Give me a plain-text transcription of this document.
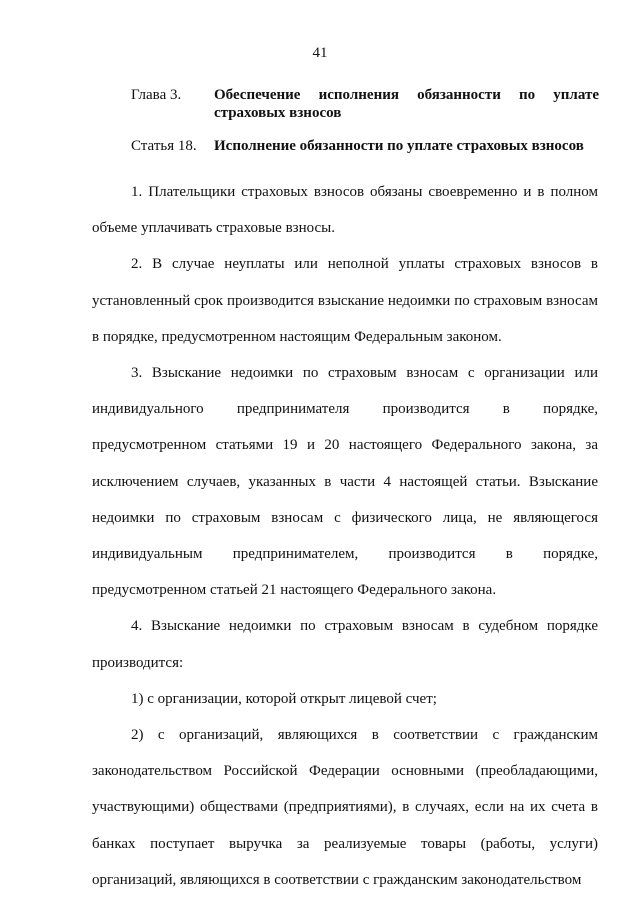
41
Глава 3. Обеспечение исполнения обязанности по уплате страховых взносов
Статья 18. Исполнение обязанности по уплате страховых взносов

1. Плательщики страховых взносов обязаны своевременно и в полном объеме уплачивать страховые взносы.

2. В случае неуплаты или неполной уплаты страховых взносов в установленный срок производится взыскание недоимки по страховым взносам в порядке, предусмотренном настоящим Федеральным законом.

3. Взыскание недоимки по страховым взносам с организации или индивидуального предпринимателя производится в порядке, предусмотренном статьями 19 и 20 настоящего Федерального закона, за исключением случаев, указанных в части 4 настоящей статьи. Взыскание недоимки по страховым взносам с физического лица, не являющегося индивидуальным предпринимателем, производится в порядке, предусмотренном статьей 21 настоящего Федерального закона.

4. Взыскание недоимки по страховым взносам в судебном порядке производится:

1) с организации, которой открыт лицевой счет;

2) с организаций, являющихся в соответствии с гражданским законодательством Российской Федерации основными (преобладающими, участвующими) обществами (предприятиями), в случаях, если на их счета в банках поступает выручка за реализуемые товары (работы, услуги) организаций, являющихся в соответствии с гражданским законодательством
